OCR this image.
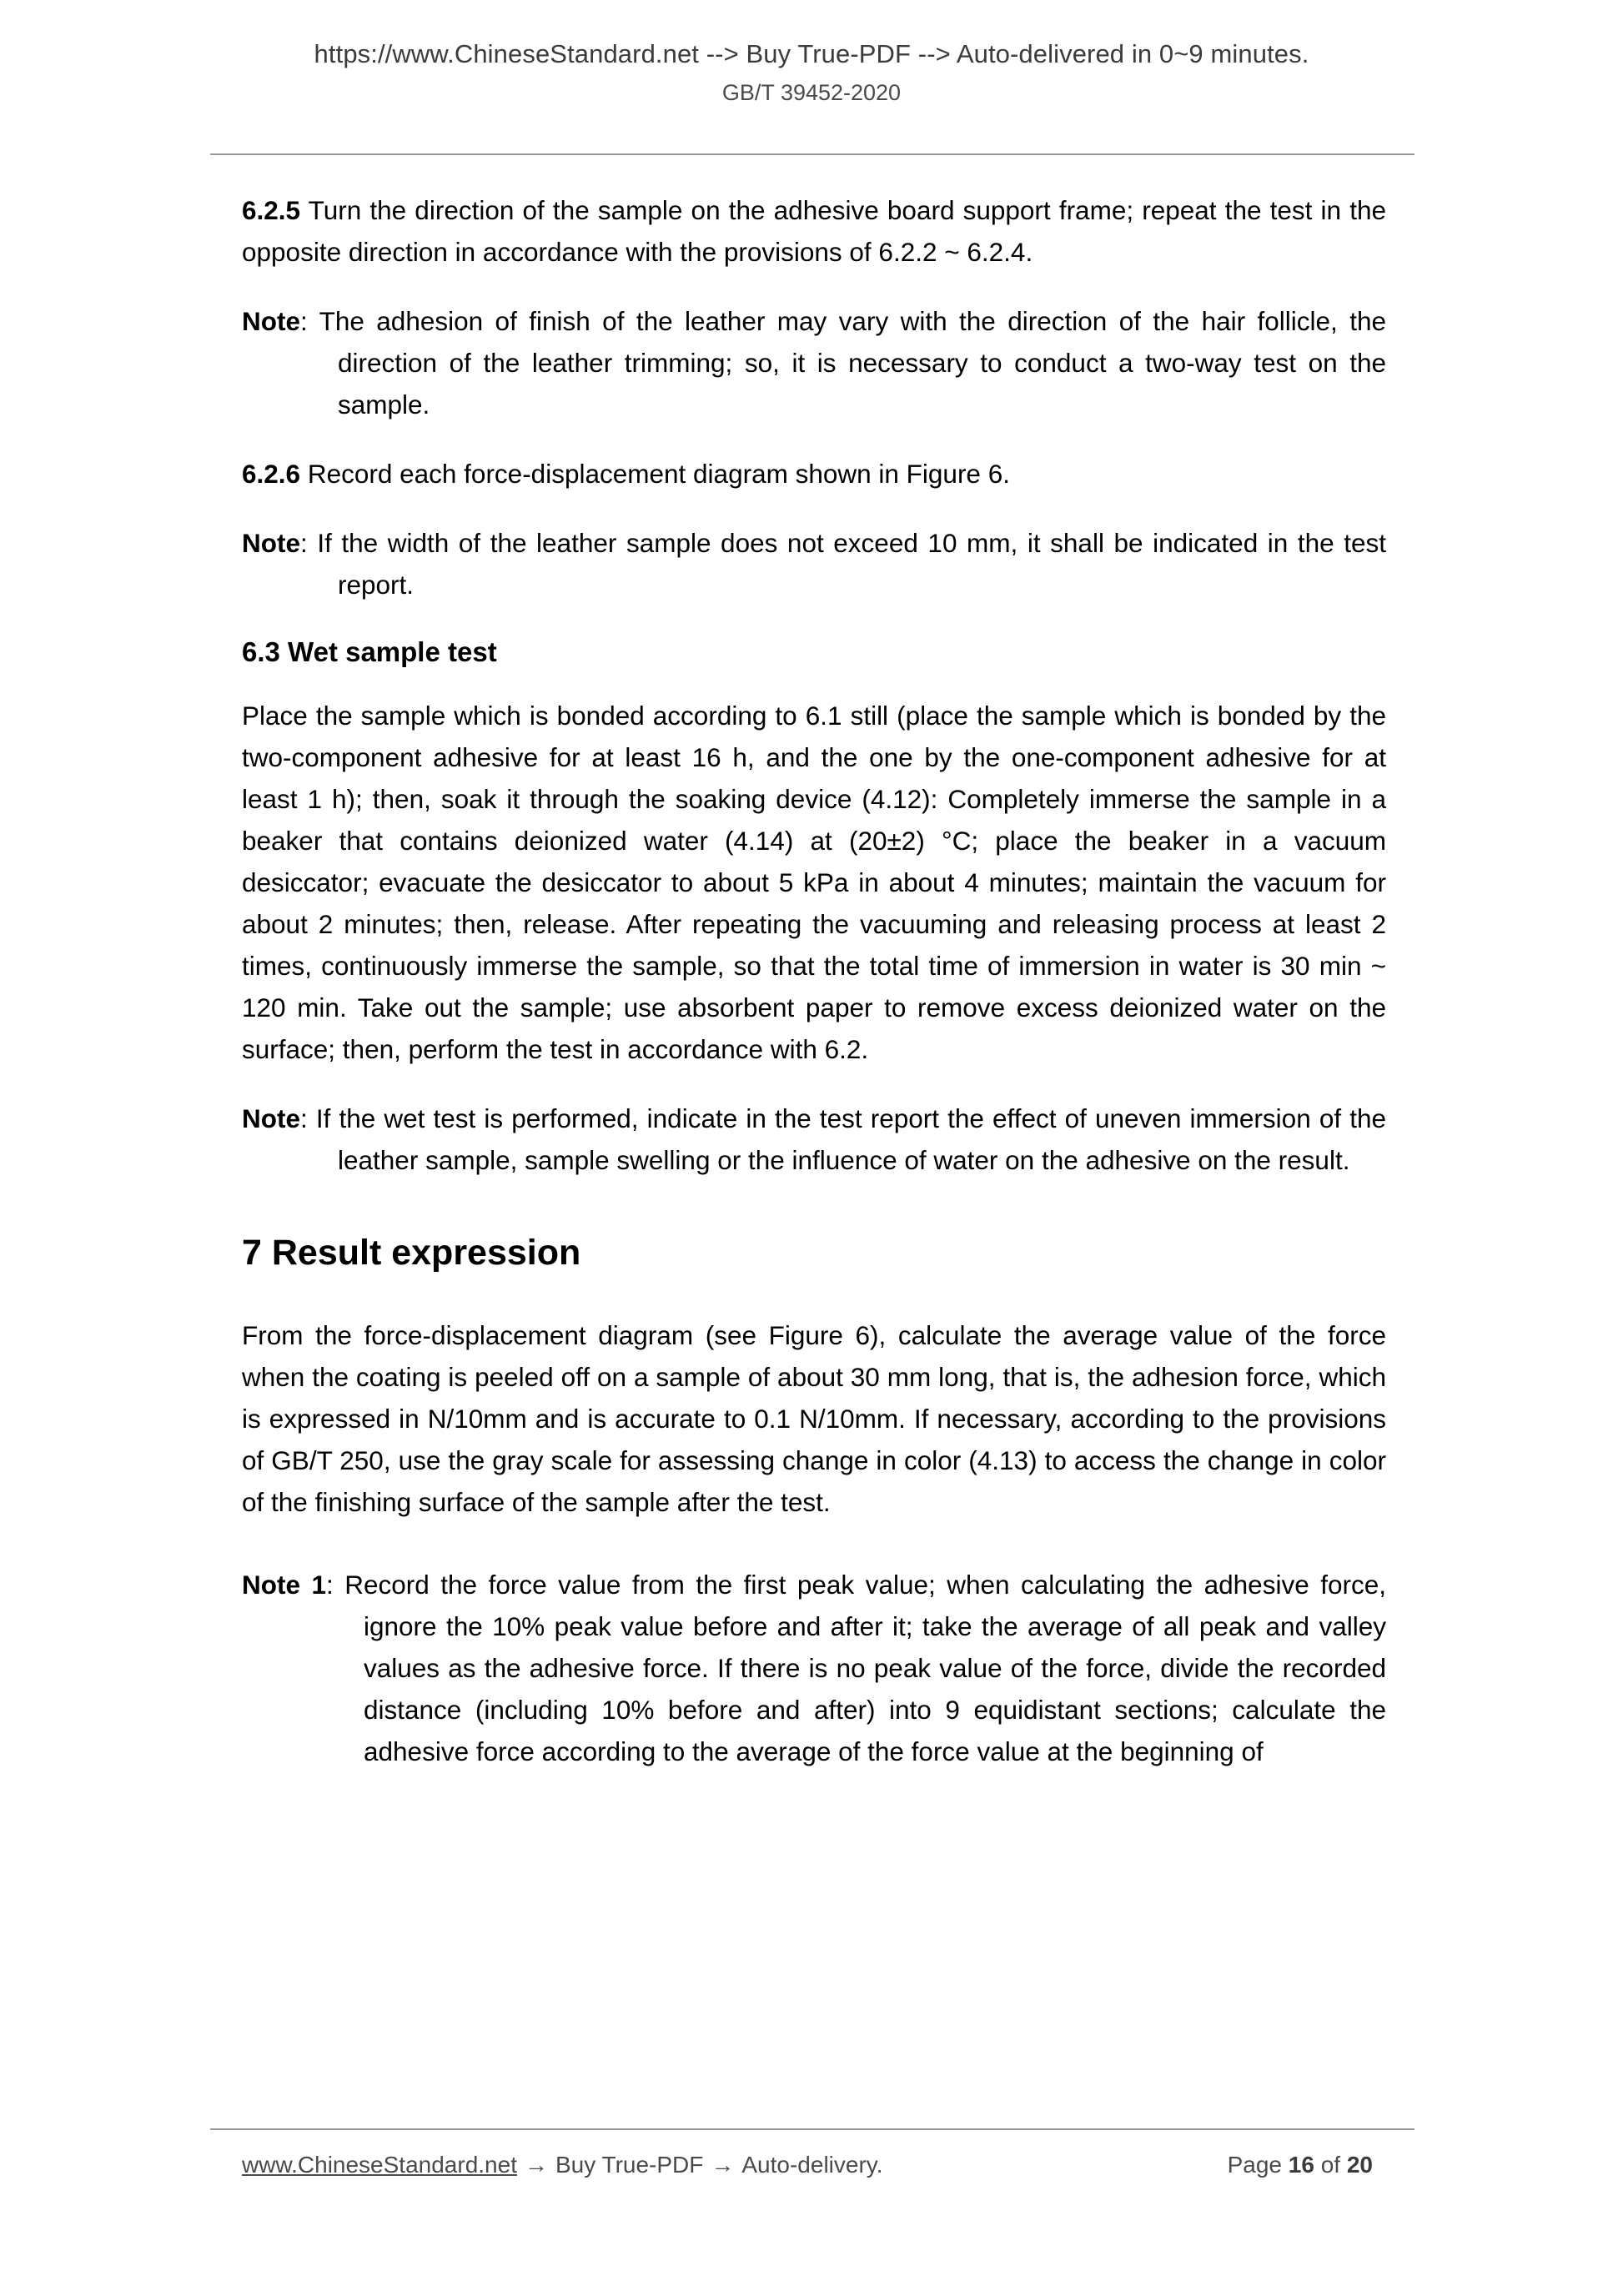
https://www.ChineseStandard.net --> Buy True-PDF --> Auto-delivered in 0~9 minutes.
GB/T 39452-2020

6.2.5 Turn the direction of the sample on the adhesive board support frame; repeat the test in the opposite direction in accordance with the provisions of 6.2.2 ~ 6.2.4.

Note: The adhesion of finish of the leather may vary with the direction of the hair follicle, the direction of the leather trimming; so, it is necessary to conduct a two-way test on the sample.

6.2.6 Record each force-displacement diagram shown in Figure 6.

Note: If the width of the leather sample does not exceed 10 mm, it shall be indicated in the test report.

6.3 Wet sample test

Place the sample which is bonded according to 6.1 still (place the sample which is bonded by the two-component adhesive for at least 16 h, and the one by the one-component adhesive for at least 1 h); then, soak it through the soaking device (4.12): Completely immerse the sample in a beaker that contains deionized water (4.14) at (20±2) °C; place the beaker in a vacuum desiccator; evacuate the desiccator to about 5 kPa in about 4 minutes; maintain the vacuum for about 2 minutes; then, release. After repeating the vacuuming and releasing process at least 2 times, continuously immerse the sample, so that the total time of immersion in water is 30 min ~ 120 min. Take out the sample; use absorbent paper to remove excess deionized water on the surface; then, perform the test in accordance with 6.2.

Note: If the wet test is performed, indicate in the test report the effect of uneven immersion of the leather sample, sample swelling or the influence of water on the adhesive on the result.

7 Result expression

From the force-displacement diagram (see Figure 6), calculate the average value of the force when the coating is peeled off on a sample of about 30 mm long, that is, the adhesion force, which is expressed in N/10mm and is accurate to 0.1 N/10mm. If necessary, according to the provisions of GB/T 250, use the gray scale for assessing change in color (4.13) to access the change in color of the finishing surface of the sample after the test.

Note 1: Record the force value from the first peak value; when calculating the adhesive force, ignore the 10% peak value before and after it; take the average of all peak and valley values as the adhesive force. If there is no peak value of the force, divide the recorded distance (including 10% before and after) into 9 equidistant sections; calculate the adhesive force according to the average of the force value at the beginning of

www.ChineseStandard.net → Buy True-PDF → Auto-delivery.	Page 16 of 20
